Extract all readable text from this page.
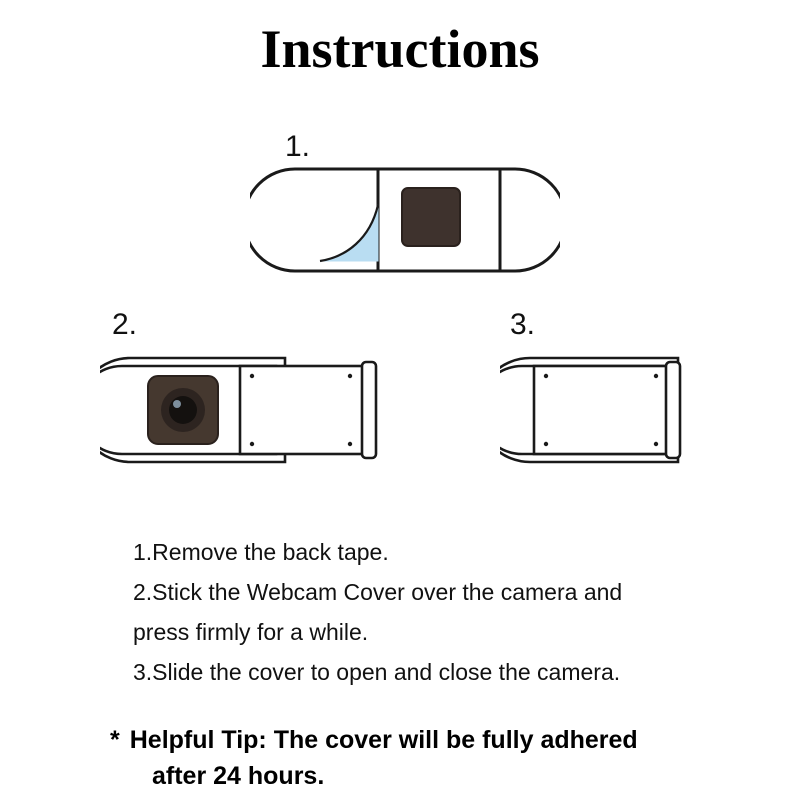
Instructions
1.
2.	3.
1.Remove the back tape.
2.Stick the Webcam Cover over the camera and
press firmly for a while.
3.Slide the cover to open and close the camera.
* Helpful Tip: The cover will be fully adhered
after 24 hours.
